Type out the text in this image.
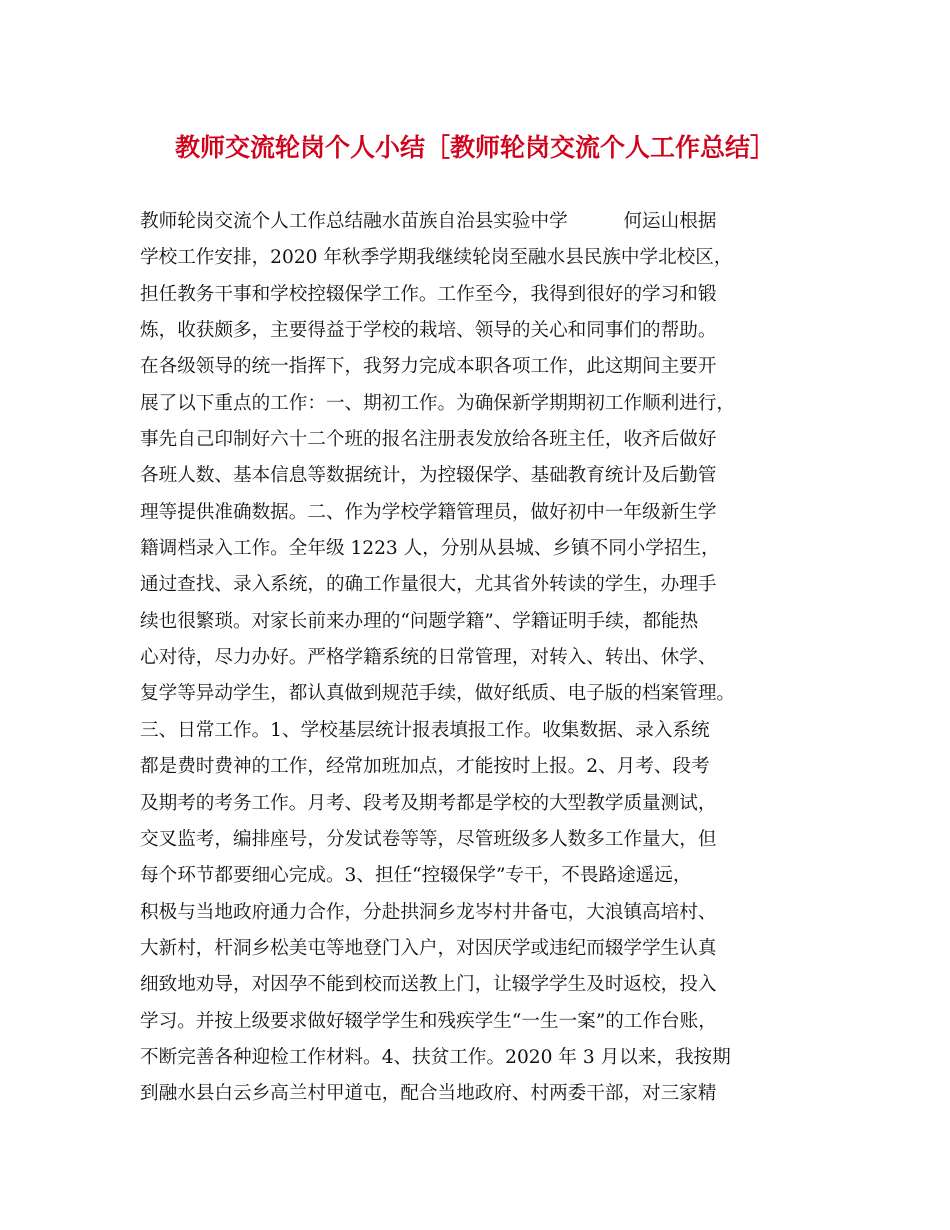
教师交流轮岗个人小结［教师轮岗交流个人工作总结］
教师轮岗交流个人工作总结融水苗族自治县实验中学　　　何运山根据
学校工作安排，2020 年秋季学期我继续轮岗至融水县民族中学北校区，
担任教务干事和学校控辍保学工作。工作至今，我得到很好的学习和锻
炼，收获颇多，主要得益于学校的栽培、领导的关心和同事们的帮助。
在各级领导的统一指挥下，我努力完成本职各项工作，此这期间主要开
展了以下重点的工作：一、期初工作。为确保新学期期初工作顺利进行，
事先自己印制好六十二个班的报名注册表发放给各班主任，收齐后做好
各班人数、基本信息等数据统计，为控辍保学、基础教育统计及后勤管
理等提供准确数据。二、作为学校学籍管理员，做好初中一年级新生学
籍调档录入工作。全年级 1223 人，分别从县城、乡镇不同小学招生，
通过查找、录入系统，的确工作量很大，尤其省外转读的学生，办理手
续也很繁琐。对家长前来办理的“问题学籍”、学籍证明手续，都能热
心对待，尽力办好。严格学籍系统的日常管理，对转入、转出、休学、
复学等异动学生，都认真做到规范手续，做好纸质、电子版的档案管理。
三、日常工作。1、学校基层统计报表填报工作。收集数据、录入系统
都是费时费神的工作，经常加班加点，才能按时上报。2、月考、段考
及期考的考务工作。月考、段考及期考都是学校的大型教学质量测试，
交叉监考，编排座号，分发试卷等等，尽管班级多人数多工作量大，但
每个环节都要细心完成。3、担任“控辍保学”专干，不畏路途遥远，
积极与当地政府通力合作，分赴拱洞乡龙岑村井备屯，大浪镇高培村、
大新村，杆洞乡松美屯等地登门入户，对因厌学或违纪而辍学学生认真
细致地劝导，对因孕不能到校而送教上门，让辍学学生及时返校，投入
学习。并按上级要求做好辍学学生和残疾学生“一生一案”的工作台账，
不断完善各种迎检工作材料。4、扶贫工作。2020 年 3 月以来，我按期
到融水县白云乡高兰村甲道屯，配合当地政府、村两委干部，对三家精
